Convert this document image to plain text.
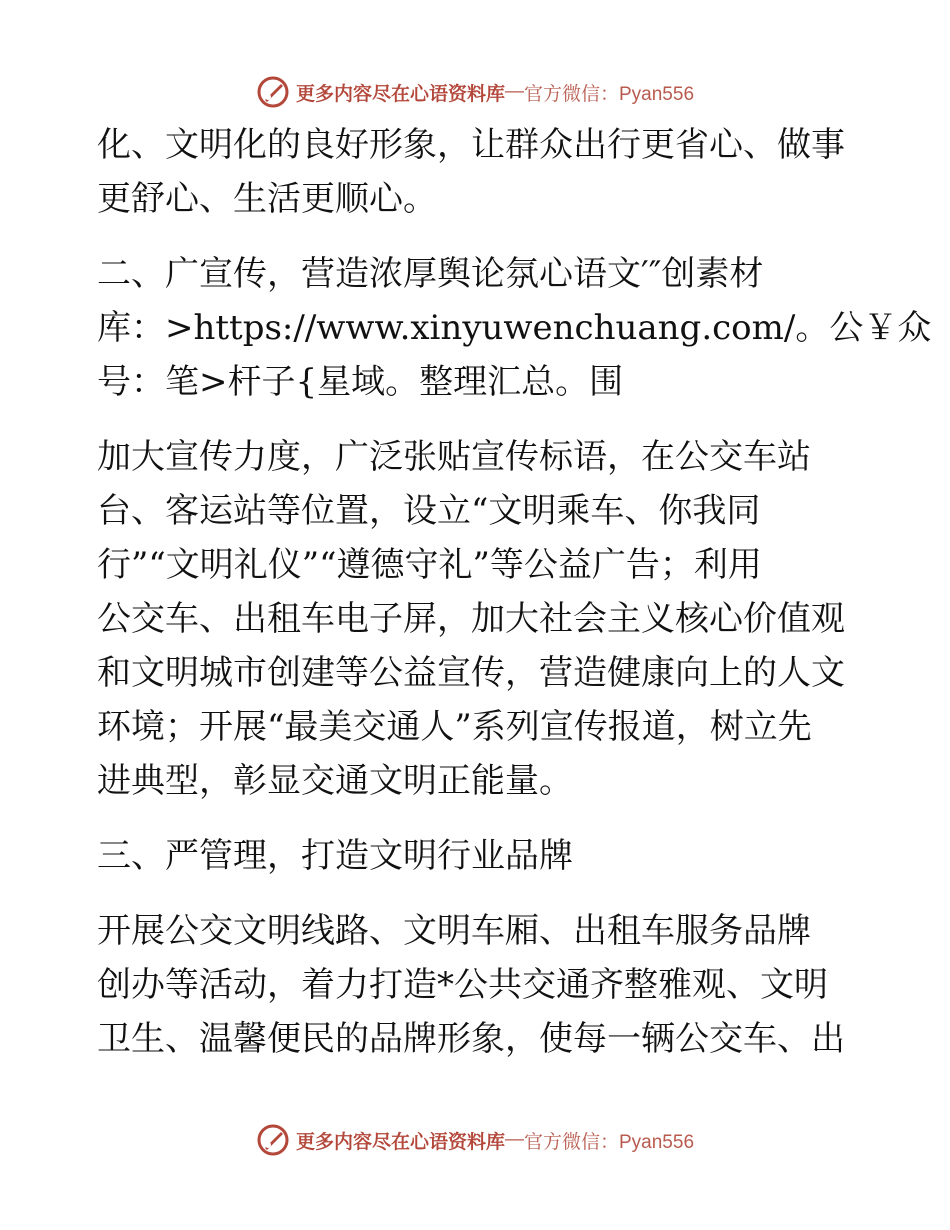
更多内容尽在心语资料库 — 官方微信：Pyan556
化、文明化的良好形象，让群众出行更省心、做事
更舒心、生活更顺心。
二、广宣传，营造浓厚舆论氛心语文′″创素材
库：>https://www.xinyuwenchuang.com/。公￥众
号：笔>杆子{星域。整理汇总。围
加大宣传力度，广泛张贴宣传标语，在公交车站
台、客运站等位置，设立“文明乘车、你我同
行”“文明礼仪”“遵德守礼”等公益广告；利用
公交车、出租车电子屏，加大社会主义核心价值观
和文明城市创建等公益宣传，营造健康向上的人文
环境；开展“最美交通人”系列宣传报道，树立先
进典型，彰显交通文明正能量。
三、严管理，打造文明行业品牌
开展公交文明线路、文明车厢、出租车服务品牌
创办等活动，着力打造*公共交通齐整雅观、文明
卫生、温馨便民的品牌形象，使每一辆公交车、出
更多内容尽在心语资料库 — 官方微信：Pyan556
